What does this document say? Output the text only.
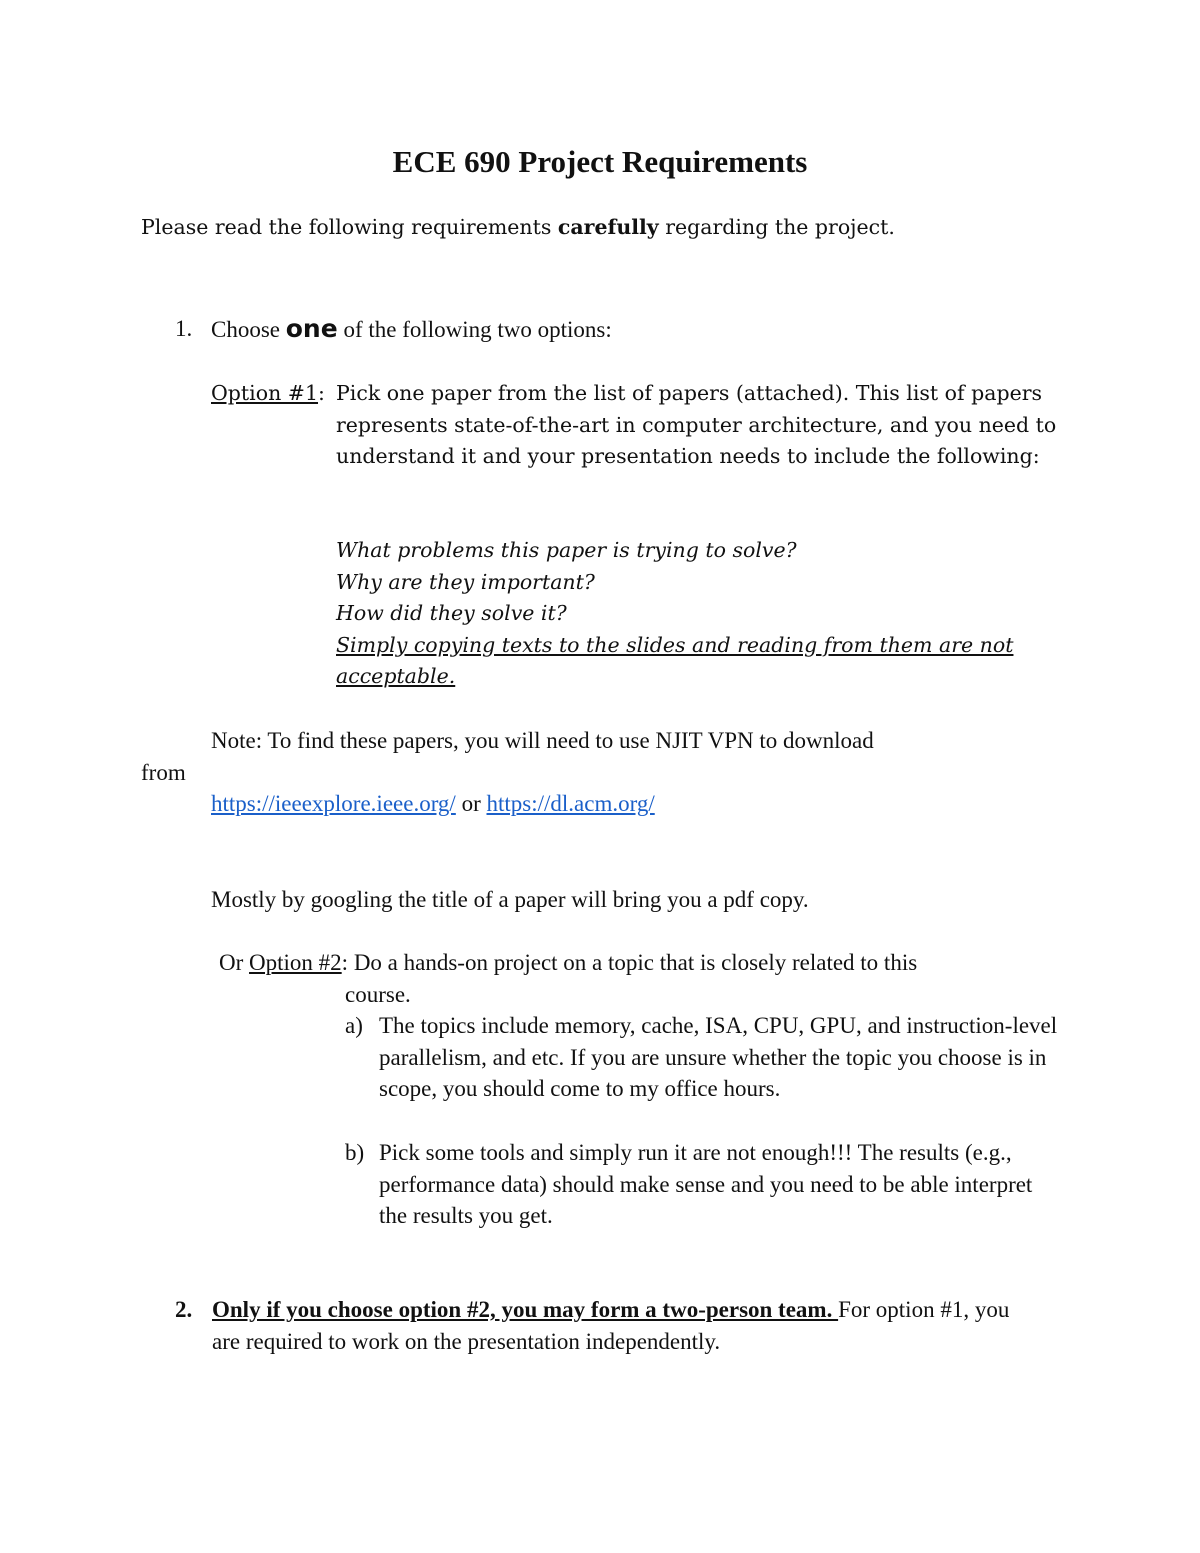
ECE 690 Project Requirements
Please read the following requirements carefully regarding the project.
1. Choose one of the following two options:
Option #1: Pick one paper from the list of papers (attached). This list of papers represents state-of-the-art in computer architecture, and you need to understand it and your presentation needs to include the following:
What problems this paper is trying to solve?
Why are they important?
How did they solve it?
Simply copying texts to the slides and reading from them are not acceptable.
Note: To find these papers, you will need to use NJIT VPN to download
from
https://ieeexplore.ieee.org/ or https://dl.acm.org/
Mostly by googling the title of a paper will bring you a pdf copy.
Or Option #2: Do a hands-on project on a topic that is closely related to this
course.
a) The topics include memory, cache, ISA, CPU, GPU, and instruction-level parallelism, and etc. If you are unsure whether the topic you choose is in scope, you should come to my office hours.
b) Pick some tools and simply run it are not enough!!! The results (e.g., performance data) should make sense and you need to be able interpret the results you get.
2. Only if you choose option #2, you may form a two-person team. For option #1, you are required to work on the presentation independently.
